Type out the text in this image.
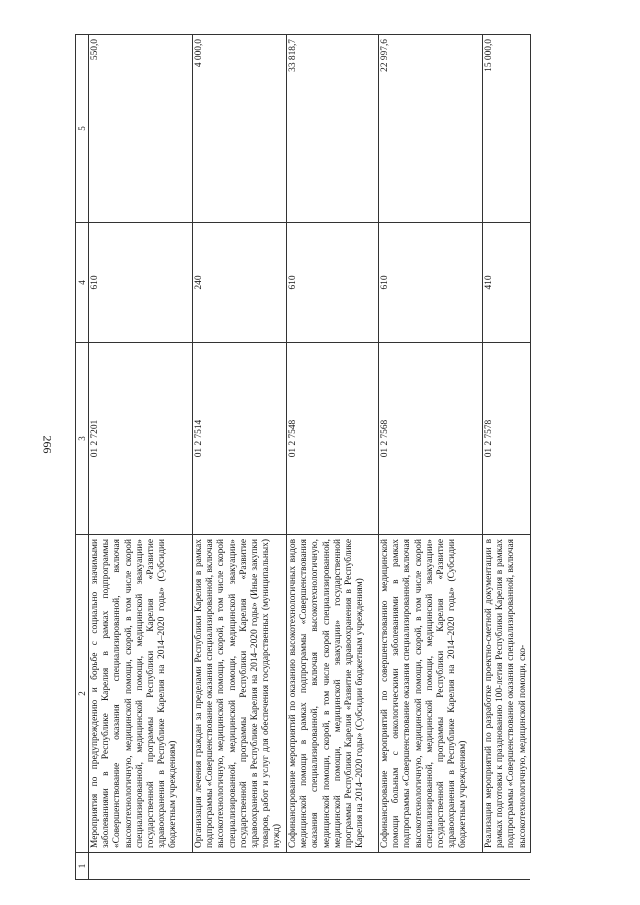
266
1	2	3	4	5
	Мероприятия по предупреждению и борьбе с социально значимыми заболеваниями в Республике Карелия в рамках подпрограммы «Совершенствование оказания специализированной, включая высокотехнологичную, медицинской помощи, скорой, в том числе скорой специализированной, медицинской помощи, медицинской эвакуации» государственной программы Республики Карелия «Развитие здравоохранения в Республике Карелия на 2014–2020 годы» (Субсидии бюджетным учреждениям)	01 2 7201	610	550,0
	Организация лечения граждан за пределами Республики Карелия в рамках подпрограммы «Совершенствование оказания специализированной, включая высокотехнологичную, медицинской помощи, скорой, в том числе скорой специализированной, медицинской помощи, медицинской эвакуации» государственной программы Республики Карелия «Развитие здравоохранения в Республике Карелия на 2014–2020 годы» (Иные закупки товаров, работ и услуг для обеспечения государственных (муниципальных) нужд)	01 2 7514	240	4 000,0
	Софинансирование мероприятий по оказанию высокотехнологичных видов медицинской помощи в рамках подпрограммы «Совершенствования оказания специализированной, включая высокотехнологичную, медицинской помощи, скорой, в том числе скорой специализированной, медицинской помощи, медицинской эвакуации» государственной программы Республики Карелия «Развитие здравоохранения в Республике Карелия на 2014–2020 годы» (Субсидии бюджетным учреждениям)	01 2 7548	610	33 818,7
	Софинансирование мероприятий по совершенствованию медицинской помощи больным с онкологическими заболеваниями в рамках подпрограммы «Совершенствование оказания специализированной, включая высокотехнологичную, медицинской помощи, скорой, в том числе скорой специализированной, медицинской помощи, медицинской эвакуации» государственной программы Республики Карелия «Развитие здравоохранения в Республике Карелия на 2014–2020 годы» (Субсидии бюджетным учреждениям)	01 2 7568	610	22 997,6
	Реализация мероприятий по разработке проектно-сметной документации в рамках подготовки к празднованию 100-летия Республики Карелия в рамках подпрограммы «Совершенствование оказания специализированной, включая высокотехнологичную, медицинской помощи, ско-	01 2 7578	410	15 000,0
